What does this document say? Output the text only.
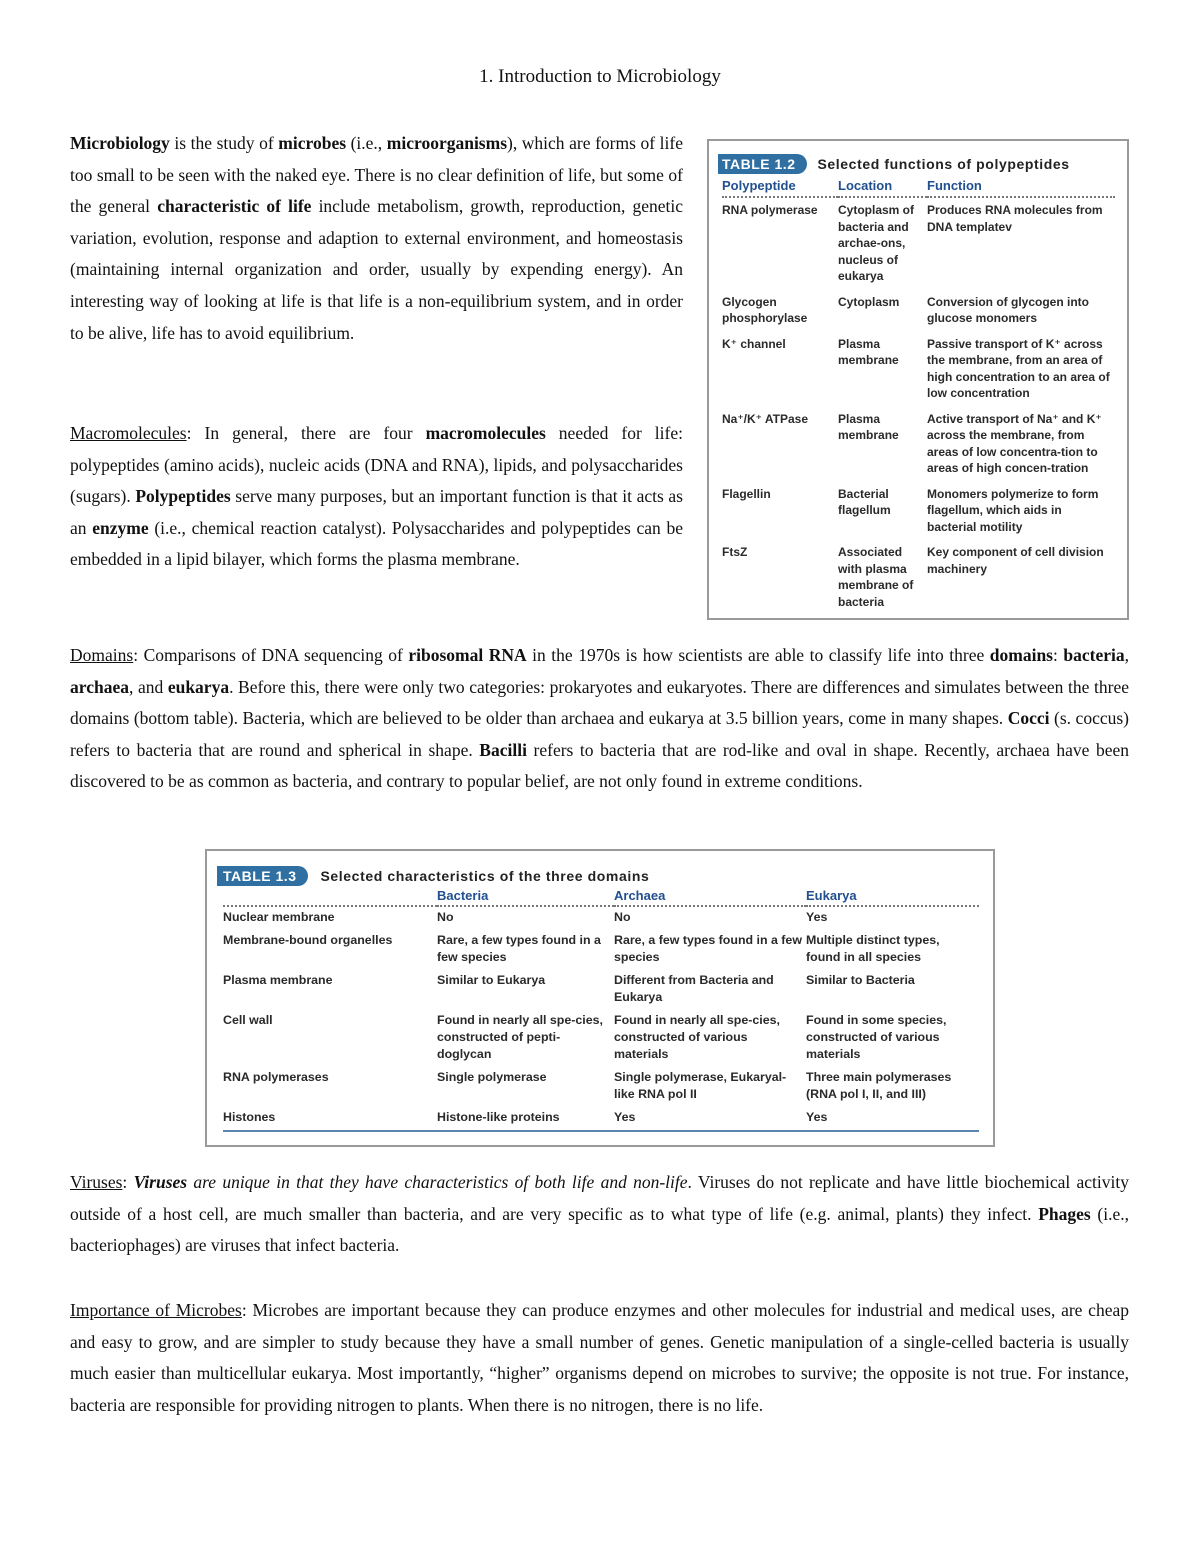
1. Introduction to Microbiology

Microbiology is the study of microbes (i.e., microorganisms), which are forms of life too small to be seen with the naked eye. There is no clear definition of life, but some of the general characteristic of life include metabolism, growth, reproduction, genetic variation, evolution, response and adaption to external environment, and homeostasis (maintaining internal organization and order, usually by expending energy). An interesting way of looking at life is that life is a non-equilibrium system, and in order to be alive, life has to avoid equilibrium.

Macromolecules: In general, there are four macromolecules needed for life: polypeptides (amino acids), nucleic acids (DNA and RNA), lipids, and polysaccharides (sugars). Polypeptides serve many purposes, but an important function is that it acts as an enzyme (i.e., chemical reaction catalyst). Polysaccharides and polypeptides can be embedded in a lipid bilayer, which forms the plasma membrane.

TABLE 1.2	Selected functions of polypeptides
Polypeptide	Location	Function
RNA polymerase	Cytoplasm of bacteria and archae-ons, nucleus of eukarya	Produces RNA molecules from DNA templatev
Glycogen phosphorylase	Cytoplasm	Conversion of glycogen into glucose monomers
K⁺ channel	Plasma membrane	Passive transport of K⁺ across the membrane, from an area of high concentration to an area of low concentration
Na⁺/K⁺ ATPase	Plasma membrane	Active transport of Na⁺ and K⁺ across the membrane, from areas of low concentra-tion to areas of high concen-tration
Flagellin	Bacterial flagellum	Monomers polymerize to form flagellum, which aids in bacterial motility
FtsZ	Associated with plasma membrane of bacteria	Key component of cell division machinery

Domains: Comparisons of DNA sequencing of ribosomal RNA in the 1970s is how scientists are able to classify life into three domains: bacteria, archaea, and eukarya. Before this, there were only two categories: prokaryotes and eukaryotes. There are differences and simulates between the three domains (bottom table). Bacteria, which are believed to be older than archaea and eukarya at 3.5 billion years, come in many shapes. Cocci (s. coccus) refers to bacteria that are round and spherical in shape. Bacilli refers to bacteria that are rod-like and oval in shape. Recently, archaea have been discovered to be as common as bacteria, and contrary to popular belief, are not only found in extreme conditions.

TABLE 1.3	Selected characteristics of the three domains
	Bacteria	Archaea	Eukarya
Nuclear membrane	No	No	Yes
Membrane-bound organelles	Rare, a few types found in a few species	Rare, a few types found in a few species	Multiple distinct types, found in all species
Plasma membrane	Similar to Eukarya	Different from Bacteria and Eukarya	Similar to Bacteria
Cell wall	Found in nearly all spe-cies, constructed of pepti-doglycan	Found in nearly all spe-cies, constructed of various materials	Found in some species, constructed of various materials
RNA polymerases	Single polymerase	Single polymerase, Eukaryal-like RNA pol II	Three main polymerases (RNA pol I, II, and III)
Histones	Histone-like proteins	Yes	Yes

Viruses: Viruses are unique in that they have characteristics of both life and non-life. Viruses do not replicate and have little biochemical activity outside of a host cell, are much smaller than bacteria, and are very specific as to what type of life (e.g. animal, plants) they infect. Phages (i.e., bacteriophages) are viruses that infect bacteria.

Importance of Microbes: Microbes are important because they can produce enzymes and other molecules for industrial and medical uses, are cheap and easy to grow, and are simpler to study because they have a small number of genes. Genetic manipulation of a single-celled bacteria is usually much easier than multicellular eukarya. Most importantly, “higher” organisms depend on microbes to survive; the opposite is not true. For instance, bacteria are responsible for providing nitrogen to plants. When there is no nitrogen, there is no life.
